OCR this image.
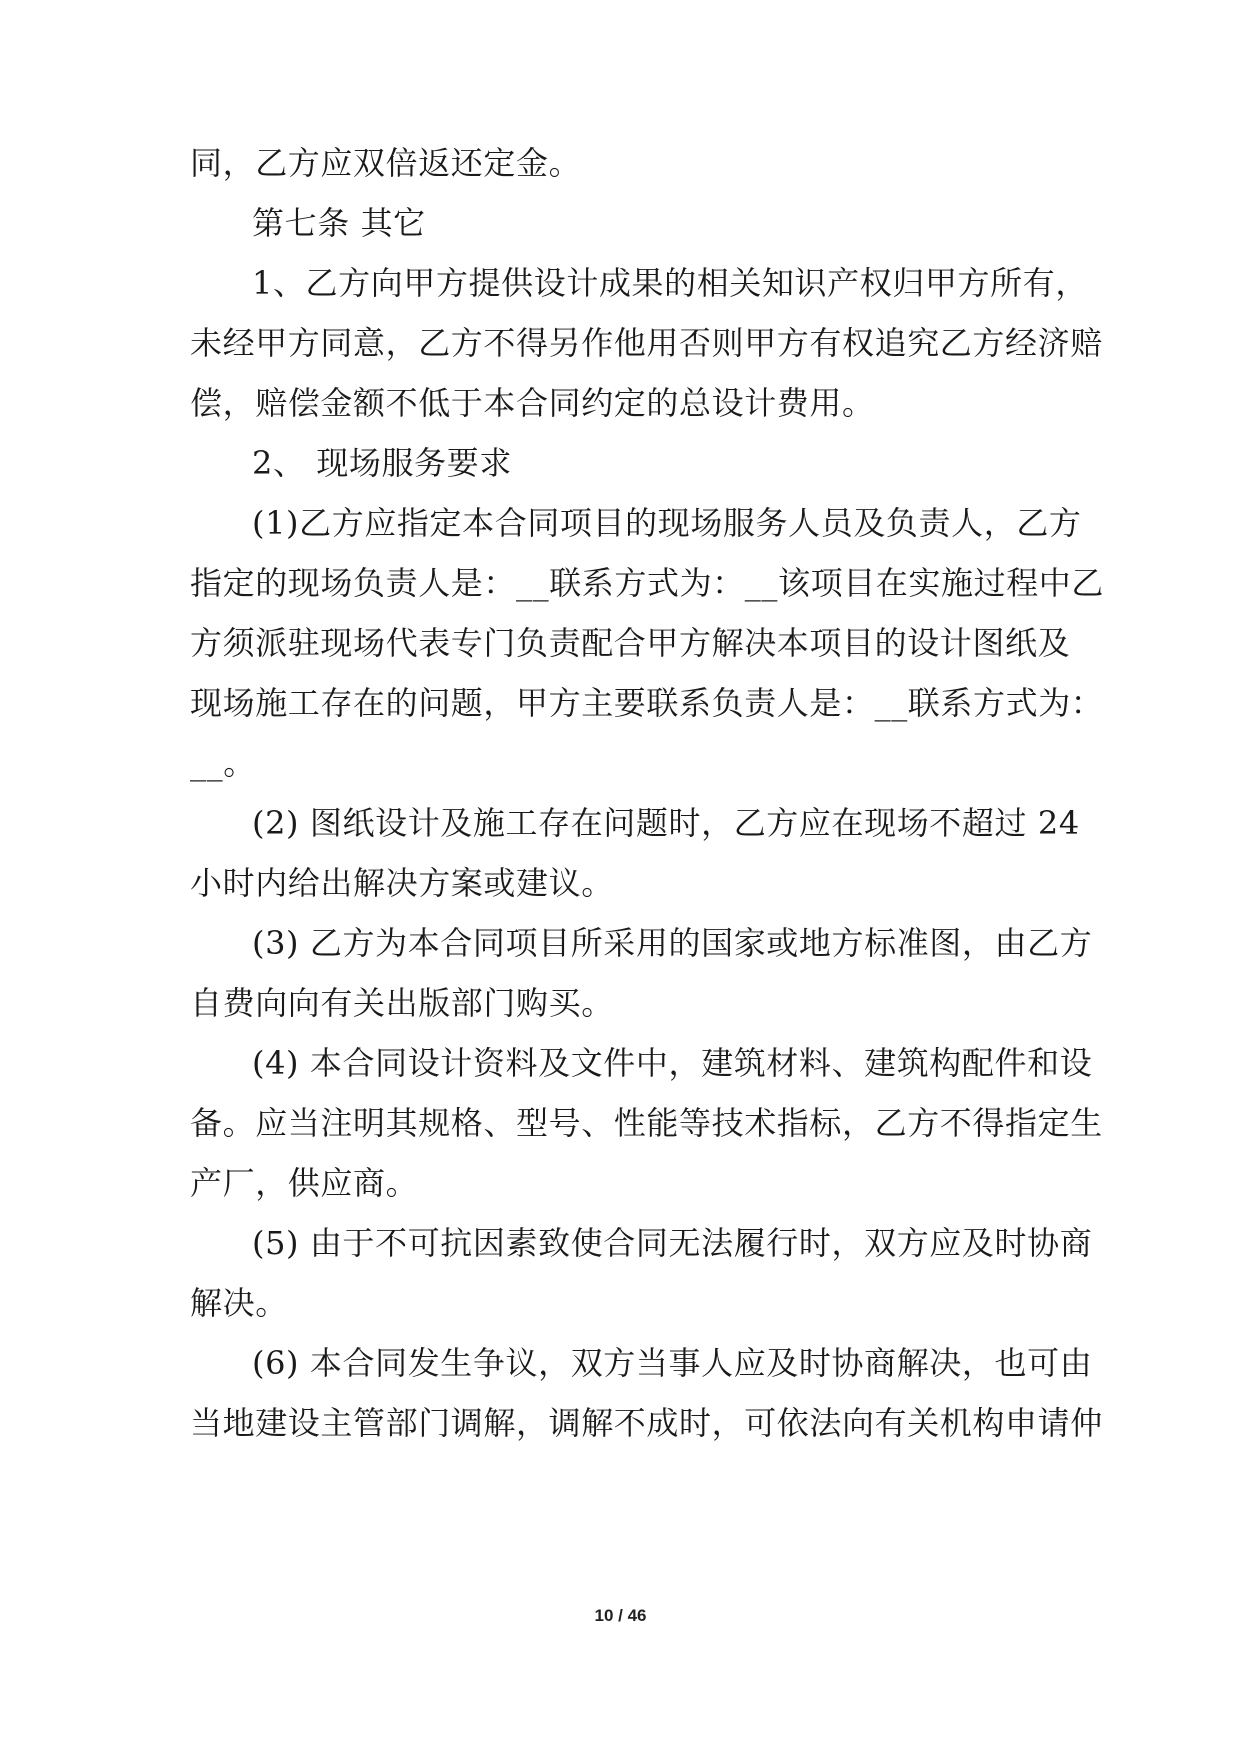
同，乙方应双倍返还定金。
第七条 其它
1、乙方向甲方提供设计成果的相关知识产权归甲方所有，
未经甲方同意，乙方不得另作他用否则甲方有权追究乙方经济赔
偿，赔偿金额不低于本合同约定的总设计费用。
2、 现场服务要求
(1)乙方应指定本合同项目的现场服务人员及负责人，乙方
指定的现场负责人是：__联系方式为：__该项目在实施过程中乙
方须派驻现场代表专门负责配合甲方解决本项目的设计图纸及
现场施工存在的问题，甲方主要联系负责人是：__联系方式为：
__。
(2) 图纸设计及施工存在问题时，乙方应在现场不超过 24
小时内给出解决方案或建议。
(3) 乙方为本合同项目所采用的国家或地方标准图，由乙方
自费向向有关出版部门购买。
(4) 本合同设计资料及文件中，建筑材料、建筑构配件和设
备。应当注明其规格、型号、性能等技术指标，乙方不得指定生
产厂，供应商。
(5) 由于不可抗因素致使合同无法履行时，双方应及时协商
解决。
(6) 本合同发生争议，双方当事人应及时协商解决，也可由
当地建设主管部门调解，调解不成时，可依法向有关机构申请仲
10 / 46
